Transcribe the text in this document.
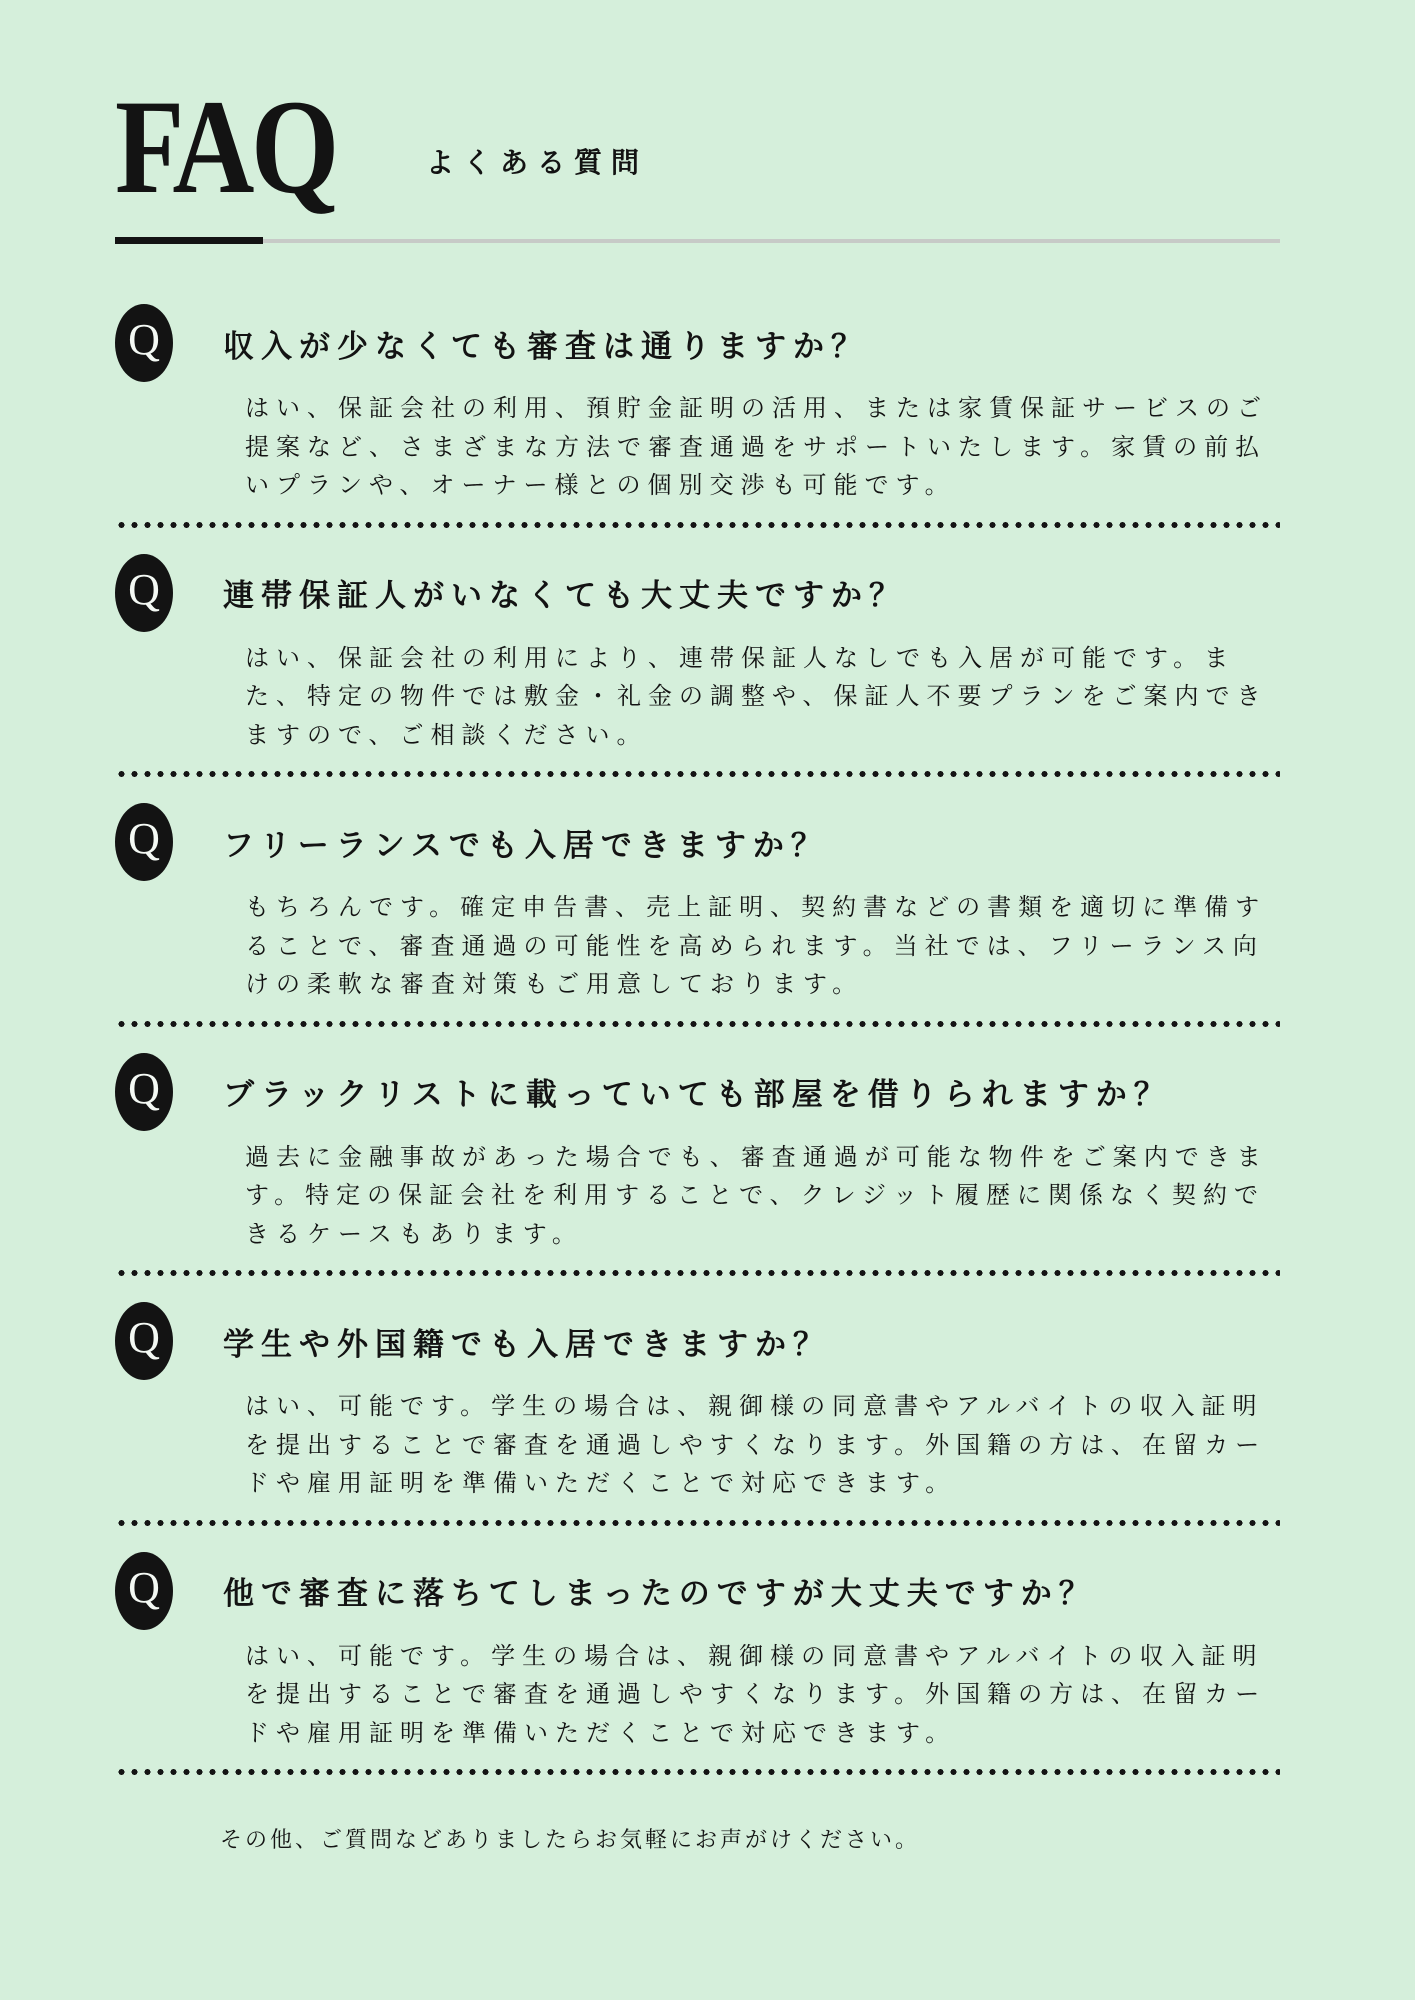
FAQ	よくある質問
Q 収入が少なくても審査は通りますか？

はい、保証会社の利用、預貯金証明の活用、または家賃保証サービスのご提案など、さまざまな方法で審査通過をサポートいたします。家賃の前払いプランや、オーナー様との個別交渉も可能です。

Q 連帯保証人がいなくても大丈夫ですか？

はい、保証会社の利用により、連帯保証人なしでも入居が可能です。また、特定の物件では敷金・礼金の調整や、保証人不要プランをご案内できますので、ご相談ください。

Q フリーランスでも入居できますか？

もちろんです。確定申告書、売上証明、契約書などの書類を適切に準備することで、審査通過の可能性を高められます。当社では、フリーランス向けの柔軟な審査対策もご用意しております。

Q ブラックリストに載っていても部屋を借りられますか？

過去に金融事故があった場合でも、審査通過が可能な物件をご案内できます。特定の保証会社を利用することで、クレジット履歴に関係なく契約できるケースもあります。

Q 学生や外国籍でも入居できますか？

はい、可能です。学生の場合は、親御様の同意書やアルバイトの収入証明を提出することで審査を通過しやすくなります。外国籍の方は、在留カードや雇用証明を準備いただくことで対応できます。

Q 他で審査に落ちてしまったのですが大丈夫ですか？

はい、可能です。学生の場合は、親御様の同意書やアルバイトの収入証明を提出することで審査を通過しやすくなります。外国籍の方は、在留カードや雇用証明を準備いただくことで対応できます。

その他、ご質問などありましたらお気軽にお声がけください。
